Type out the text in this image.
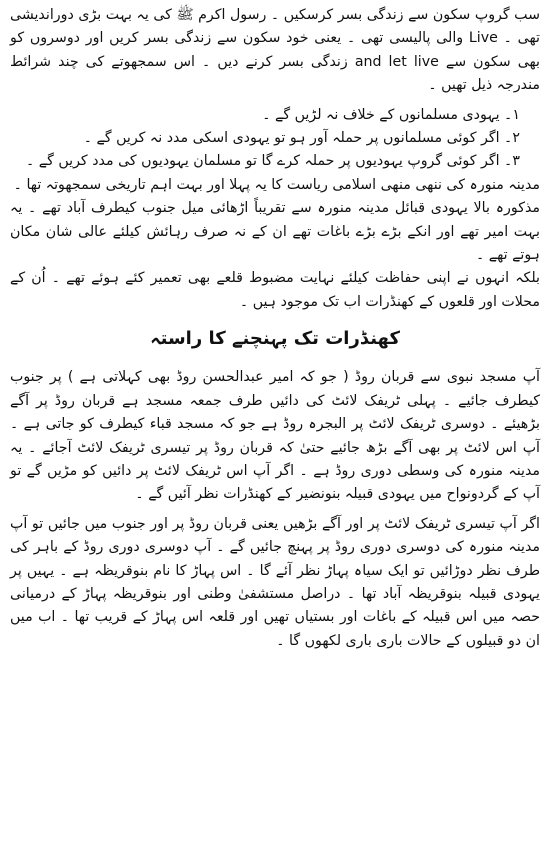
سب گروپ سکون سے زندگی بسر کرسکیں ۔ رسول اکرم ﷺ کی یہ بہت بڑی دوراندیشی تھی ۔ Live والی پالیسی تھی ۔ یعنی خود سکون سے زندگی بسر کریں اور دوسروں کو بھی سکون سے and let live زندگی بسر کرنے دیں ۔ اس سمجھوتے کی چند شرائط مندرجہ ذیل تھیں ۔

۱۔ یہودی مسلمانوں کے خلاف نہ لڑیں گے ۔

۲۔ اگر کوئی مسلمانوں پر حملہ آور ہو تو یہودی اسکی مدد نہ کریں گے ۔

۳۔ اگر کوئی گروپ یہودیوں پر حملہ کرے گا تو مسلمان یہودیوں کی مدد کریں گے ۔

مدینہ منورہ کی ننھی منھی اسلامی ریاست کا یہ پہلا اور بہت اہم تاریخی سمجھوتہ تھا ۔

مذکورہ بالا یہودی قبائل مدینہ منورہ سے تقریباً اڑھائی میل جنوب کیطرف آباد تھے ۔ یہ بہت امیر تھے اور انکے بڑے بڑے باغات تھے ان کے نہ صرف رہائش کیلئے عالی شان مکان ہوتے تھے ۔

بلکہ انہوں نے اپنی حفاظت کیلئے نہایت مضبوط قلعے بھی تعمیر کئے ہوئے تھے ۔ اُن کے محلات اور قلعوں کے کھنڈرات اب تک موجود ہیں ۔

کھنڈرات تک پہنچنے کا راستہ

آپ مسجد نبوی سے قربان روڈ ( جو کہ امیر عبدالحسن روڈ بھی کہلاتی ہے ) پر جنوب کیطرف جائیے ۔ پہلی ٹریفک لائٹ کی دائیں طرف جمعہ مسجد ہے قربان روڈ پر آگے بڑھیئے ۔ دوسری ٹریفک لائٹ پر البجرہ روڈ ہے جو کہ مسجد قباء کیطرف کو جاتی ہے ۔ آپ اس لائٹ پر بھی آگے بڑھ جائیے حتیٰ کہ قربان روڈ پر تیسری ٹریفک لائٹ آجائے ۔ یہ مدینہ منورہ کی وسطی دوری روڈ ہے ۔ اگر آپ اس ٹریفک لائٹ پر دائیں کو مڑیں گے تو آپ کے گردونواح میں یہودی قبیلہ بنونضیر کے کھنڈرات نظر آئیں گے ۔

اگر آپ تیسری ٹریفک لائٹ پر اور آگے بڑھیں یعنی قربان روڈ پر اور جنوب میں جائیں تو آپ مدینہ منورہ کی دوسری دوری روڈ پر پہنچ جائیں گے ۔ آپ دوسری دوری روڈ کے باہر کی طرف نظر دوڑائیں تو ایک سیاہ پہاڑ نظر آئے گا ۔ اس پہاڑ کا نام بنوقریظہ ہے ۔ یہیں پر یہودی قبیلہ بنوقریظہ آباد تھا ۔ دراصل مستشفیٰ وطنی اور بنوقریظہ پہاڑ کے درمیانی حصہ میں اس قبیلہ کے باغات اور بستیاں تھیں اور قلعہ اس پہاڑ کے قریب تھا ۔ اب میں ان دو قبیلوں کے حالات باری باری لکھوں گا ۔
